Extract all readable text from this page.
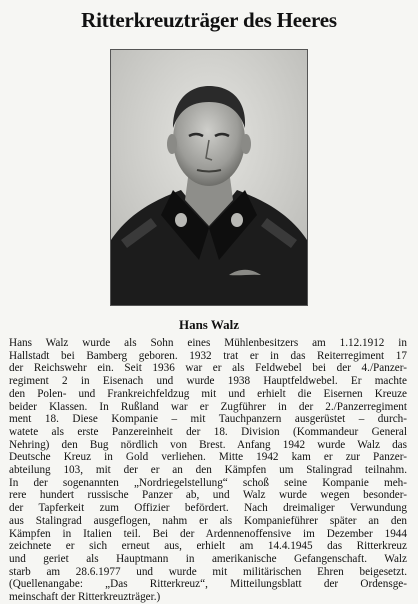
Ritterkreuzträger des Heeres
Hans Walz
Hans Walz wurde als Sohn eines Mühlenbesitzers am 1.12.1912 in
Hallstadt bei Bamberg geboren. 1932 trat er in das Reiterregiment 17
der Reichswehr ein. Seit 1936 war er als Feldwebel bei der 4./Panzer-
regiment 2 in Eisenach und wurde 1938 Hauptfeldwebel. Er machte
den Polen- und Frankreichfeldzug mit und erhielt die Eisernen Kreuze
beider Klassen. In Rußland war er Zugführer in der 2./Panzerregiment
ment 18. Diese Kompanie – mit Tauchpanzern ausgerüstet – durch-
watete als erste Panzereinheit der 18. Division (Kommandeur General
Nehring) den Bug nördlich von Brest. Anfang 1942 wurde Walz das
Deutsche Kreuz in Gold verliehen. Mitte 1942 kam er zur Panzer-
abteilung 103, mit der er an den Kämpfen um Stalingrad teilnahm.
In der sogenannten „Nordriegelstellung“ schoß seine Kompanie meh-
rere hundert russische Panzer ab, und Walz wurde wegen besonder-
der Tapferkeit zum Offizier befördert. Nach dreimaliger Verwundung
aus Stalingrad ausgeflogen, nahm er als Kompanieführer später an den
Kämpfen in Italien teil. Bei der Ardennenoffensive im Dezember 1944
zeichnete er sich erneut aus, erhielt am 14.4.1945 das Ritterkreuz
und geriet als Hauptmann in amerikanische Gefangenschaft. Walz
starb am 28.6.1977 und wurde mit militärischen Ehren beigesetzt.
(Quellenangabe: „Das Ritterkreuz“, Mitteilungsblatt der Ordensge-
meinschaft der Ritterkreuzträger.)
